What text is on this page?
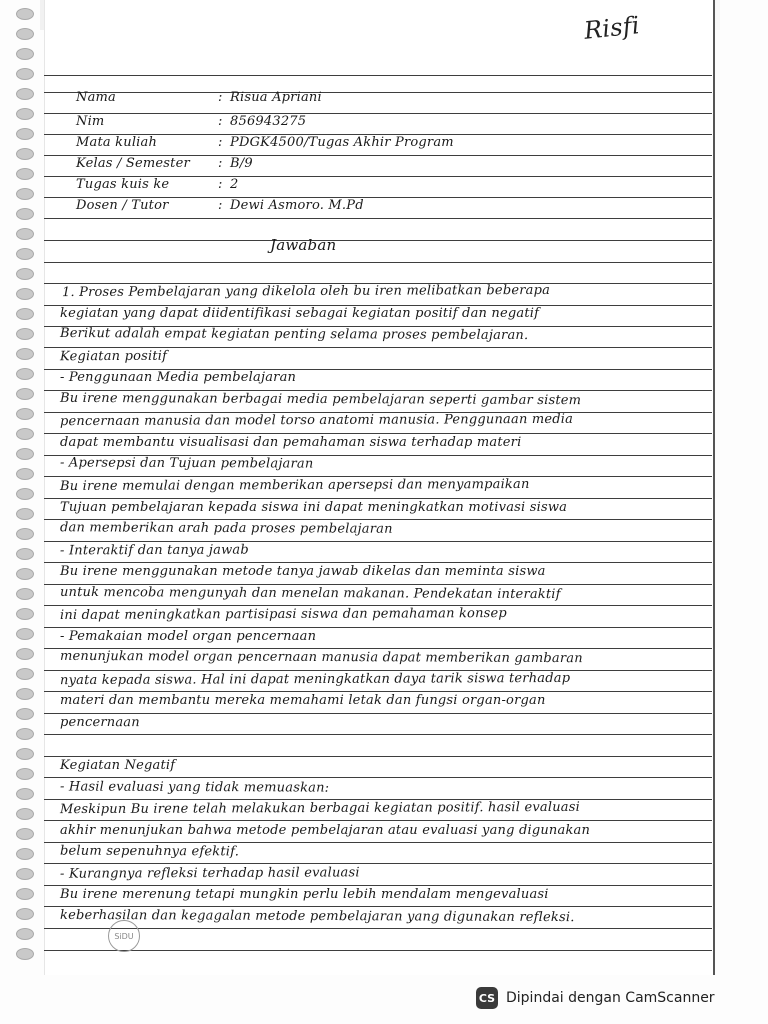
Risfi
Nama	: Risua Apriani
Nim	: 856943275
Mata kuliah	: PDGK4500/Tugas Akhir Program
Kelas / Semester : B/9
Tugas kuis ke	: 2
Dosen / Tutor	: Dewi Asmoro. M.Pd
Jawaban
1. Proses Pembelajaran yang dikelola oleh bu iren melibatkan beberapa
kegiatan yang dapat diidentifikasi sebagai kegiatan positif dan negatif
Berikut adalah empat kegiatan penting selama proses pembelajaran.
Kegiatan positif
- Penggunaan Media pembelajaran
Bu irene menggunakan berbagai media pembelajaran seperti gambar sistem
pencernaan manusia dan model torso anatomi manusia. Penggunaan media
dapat membantu visualisasi dan pemahaman siswa terhadap materi
- Apersepsi dan Tujuan pembelajaran
Bu irene memulai dengan memberikan apersepsi dan menyampaikan
Tujuan pembelajaran kepada siswa ini dapat meningkatkan motivasi siswa
dan memberikan arah pada proses pembelajaran
- Interaktif dan tanya jawab
Bu irene menggunakan metode tanya jawab dikelas dan meminta siswa
untuk mencoba mengunyah dan menelan makanan. Pendekatan interaktif
ini dapat meningkatkan partisipasi siswa dan pemahaman konsep
- Pemakaian model organ pencernaan
menunjukan model organ pencernaan manusia dapat memberikan gambaran
nyata kepada siswa. Hal ini dapat meningkatkan daya tarik siswa terhadap
materi dan membantu mereka memahami letak dan fungsi organ-organ
pencernaan
Kegiatan Negatif
- Hasil evaluasi yang tidak memuaskan:
Meskipun Bu irene telah melakukan berbagai kegiatan positif. hasil evaluasi
akhir menunjukan bahwa metode pembelajaran atau evaluasi yang digunakan
belum sepenuhnya efektif.
- Kurangnya refleksi terhadap hasil evaluasi
Bu irene merenung tetapi mungkin perlu lebih mendalam mengevaluasi
keberhasilan dan kegagalan metode pembelajaran yang digunakan refleksi.
SiDU
CS Dipindai dengan CamScanner
